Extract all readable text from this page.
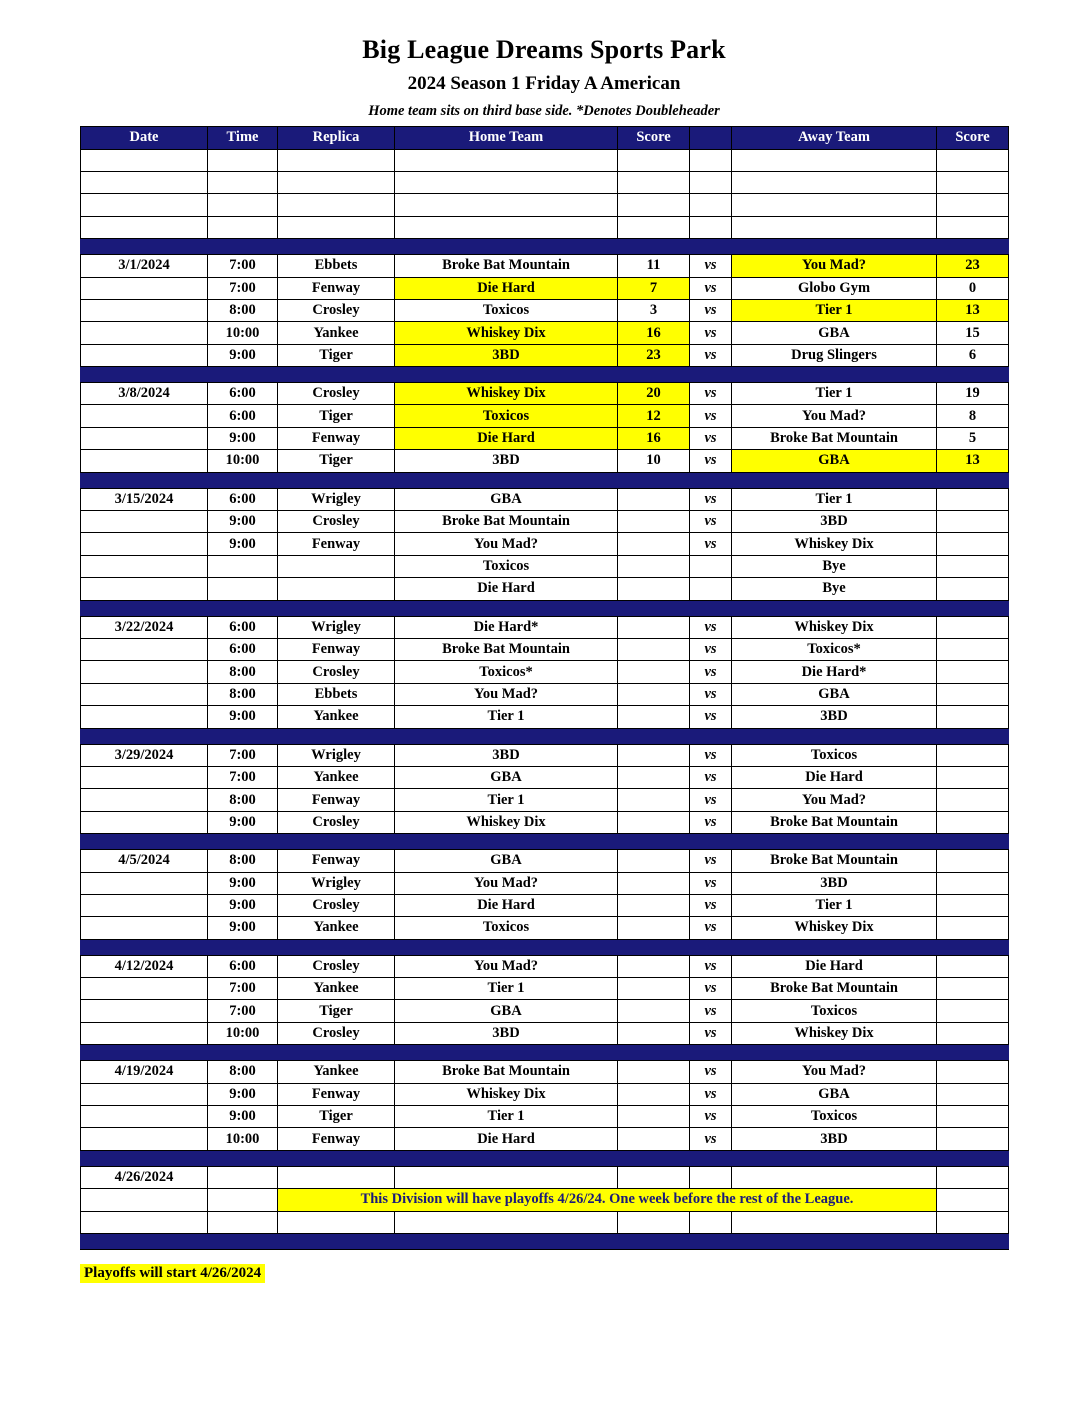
Big League Dreams Sports Park
2024 Season 1 Friday A American
Home team sits on third base side. *Denotes Doubleheader
Date	Time	Replica	Home Team	Score		Away Team	Score

3/1/2024	7:00	Ebbets	Broke Bat Mountain	11	vs	You Mad?	23
	7:00	Fenway	Die Hard	7	vs	Globo Gym	0
	8:00	Crosley	Toxicos	3	vs	Tier 1	13
	10:00	Yankee	Whiskey Dix	16	vs	GBA	15
	9:00	Tiger	3BD	23	vs	Drug Slingers	6

3/8/2024	6:00	Crosley	Whiskey Dix	20	vs	Tier 1	19
	6:00	Tiger	Toxicos	12	vs	You Mad?	8
	9:00	Fenway	Die Hard	16	vs	Broke Bat Mountain	5
	10:00	Tiger	3BD	10	vs	GBA	13

3/15/2024	6:00	Wrigley	GBA		vs	Tier 1	
	9:00	Crosley	Broke Bat Mountain		vs	3BD	
	9:00	Fenway	You Mad?		vs	Whiskey Dix	
			Toxicos			Bye	
			Die Hard			Bye	

3/22/2024	6:00	Wrigley	Die Hard*		vs	Whiskey Dix	
	6:00	Fenway	Broke Bat Mountain		vs	Toxicos*	
	8:00	Crosley	Toxicos*		vs	Die Hard*	
	8:00	Ebbets	You Mad?		vs	GBA	
	9:00	Yankee	Tier 1		vs	3BD	

3/29/2024	7:00	Wrigley	3BD		vs	Toxicos	
	7:00	Yankee	GBA		vs	Die Hard	
	8:00	Fenway	Tier 1		vs	You Mad?	
	9:00	Crosley	Whiskey Dix		vs	Broke Bat Mountain	

4/5/2024	8:00	Fenway	GBA		vs	Broke Bat Mountain	
	9:00	Wrigley	You Mad?		vs	3BD	
	9:00	Crosley	Die Hard		vs	Tier 1	
	9:00	Yankee	Toxicos		vs	Whiskey Dix	

4/12/2024	6:00	Crosley	You Mad?		vs	Die Hard	
	7:00	Yankee	Tier 1		vs	Broke Bat Mountain	
	7:00	Tiger	GBA		vs	Toxicos	
	10:00	Crosley	3BD		vs	Whiskey Dix	

4/19/2024	8:00	Yankee	Broke Bat Mountain		vs	You Mad?	
	9:00	Fenway	Whiskey Dix		vs	GBA	
	9:00	Tiger	Tier 1		vs	Toxicos	
	10:00	Fenway	Die Hard		vs	3BD	

4/26/2024							
		This Division will have playoffs 4/26/24. One week before the rest of the League.					

Playoffs will start 4/26/2024
